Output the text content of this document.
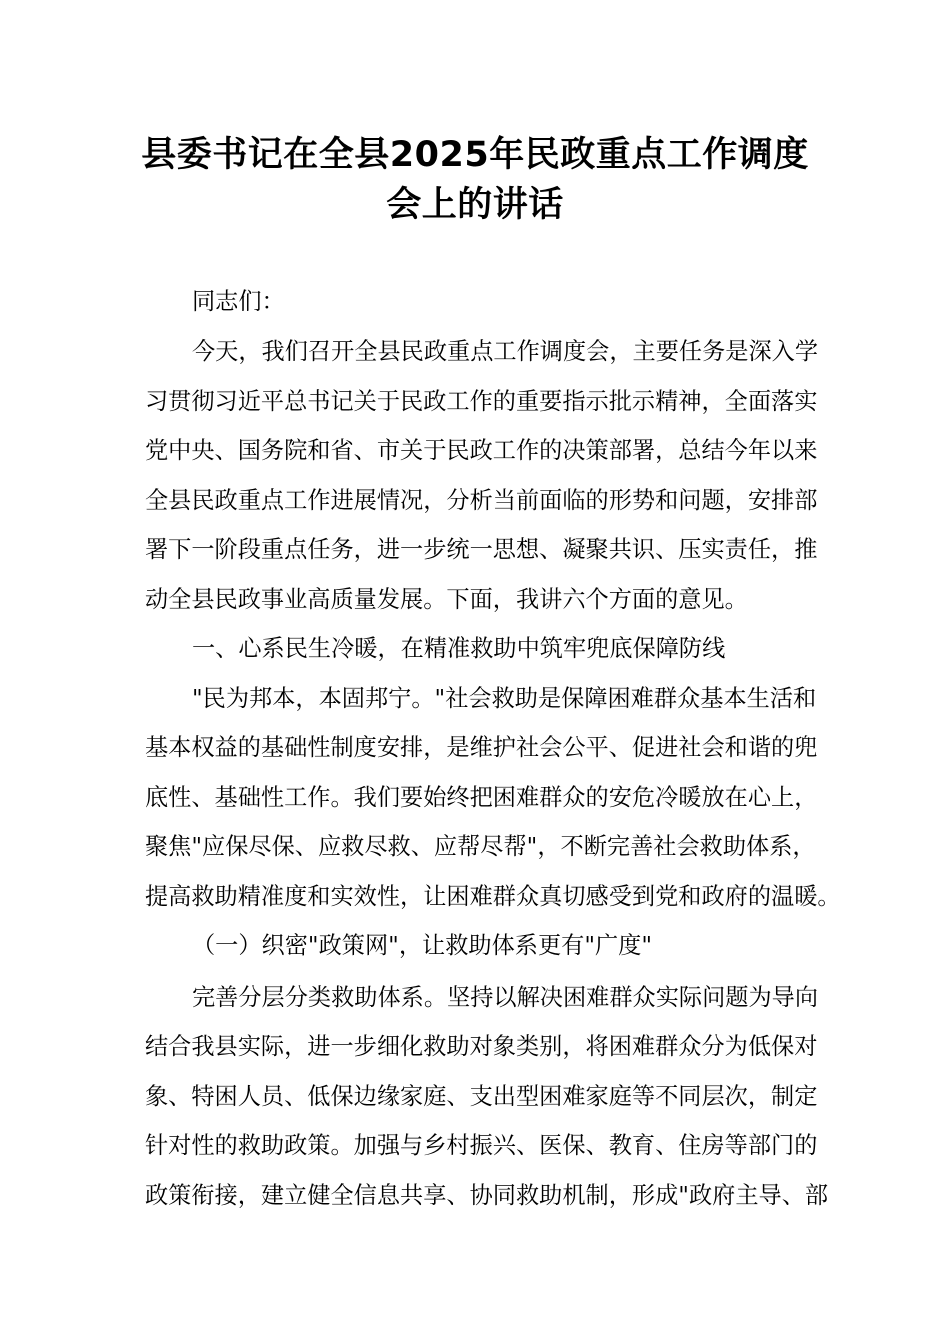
县委书记在全县2025年民政重点工作调度
会上的讲话

同志们：

今天，我们召开全县民政重点工作调度会，主要任务是深入学

习贯彻习近平总书记关于民政工作的重要指示批示精神，全面落实

党中央、国务院和省、市关于民政工作的决策部署，总结今年以来

全县民政重点工作进展情况，分析当前面临的形势和问题，安排部

署下一阶段重点任务，进一步统一思想、凝聚共识、压实责任，推

动全县民政事业高质量发展。下面，我讲六个方面的意见。

一、心系民生冷暖，在精准救助中筑牢兜底保障防线

"民为邦本，本固邦宁。"社会救助是保障困难群众基本生活和

基本权益的基础性制度安排，是维护社会公平、促进社会和谐的兜

底性、基础性工作。我们要始终把困难群众的安危冷暖放在心上，

聚焦"应保尽保、应救尽救、应帮尽帮"，不断完善社会救助体系，

提高救助精准度和实效性，让困难群众真切感受到党和政府的温暖。

（一）织密"政策网"，让救助体系更有"广度"

完善分层分类救助体系。坚持以解决困难群众实际问题为导向

结合我县实际，进一步细化救助对象类别，将困难群众分为低保对

象、特困人员、低保边缘家庭、支出型困难家庭等不同层次，制定

针对性的救助政策。加强与乡村振兴、医保、教育、住房等部门的

政策衔接，建立健全信息共享、协同救助机制，形成"政府主导、部
